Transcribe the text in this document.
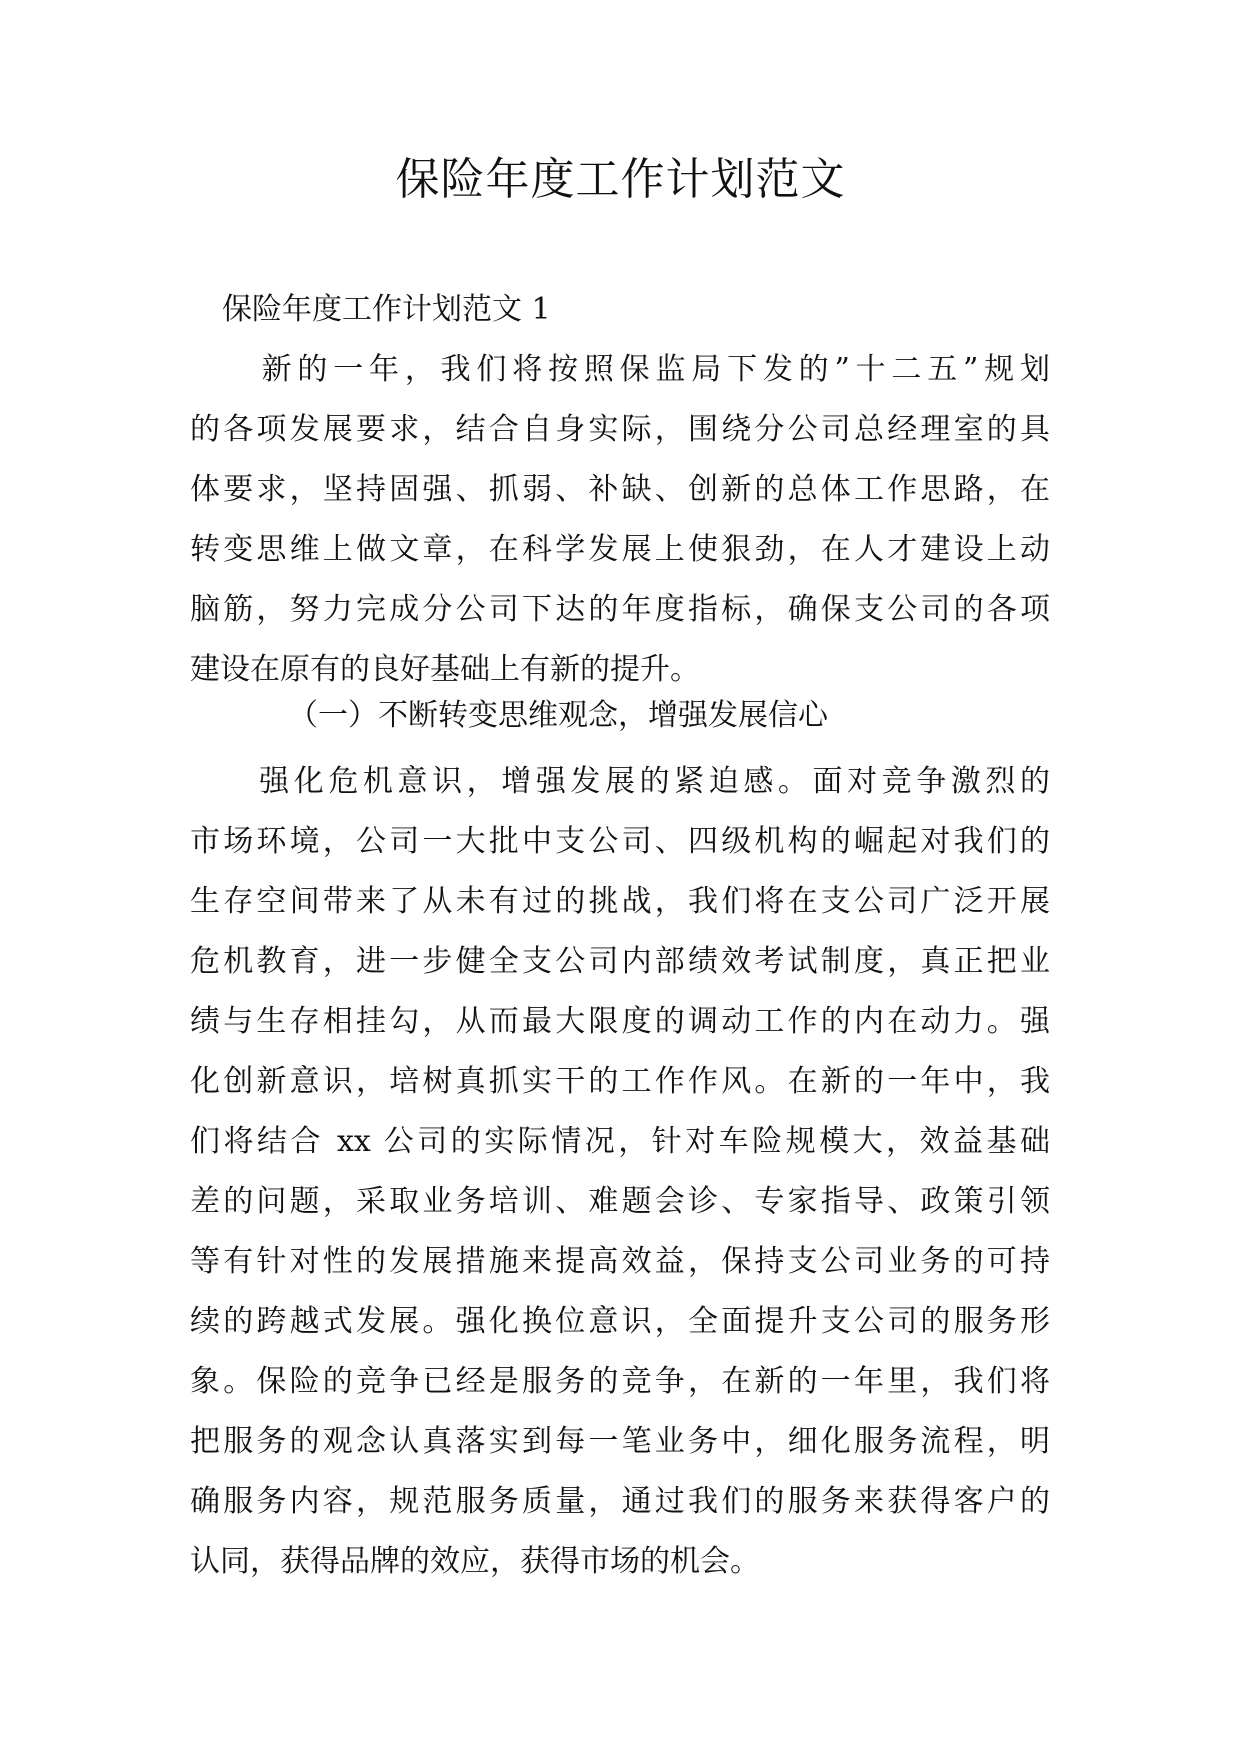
保险年度工作计划范文

保险年度工作计划范文 1

　　新的一年，我们将按照保监局下发的”十二五”规划
的各项发展要求，结合自身实际，围绕分公司总经理室的具
体要求，坚持固强、抓弱、补缺、创新的总体工作思路，在
转变思维上做文章，在科学发展上使狠劲，在人才建设上动
脑筋，努力完成分公司下达的年度指标，确保支公司的各项
建设在原有的良好基础上有新的提升。
（一）不断转变思维观念，增强发展信心
　　强化危机意识，增强发展的紧迫感。面对竞争激烈的
市场环境，公司一大批中支公司、四级机构的崛起对我们的
生存空间带来了从未有过的挑战，我们将在支公司广泛开展
危机教育，进一步健全支公司内部绩效考试制度，真正把业
绩与生存相挂勾，从而最大限度的调动工作的内在动力。强
化创新意识，培树真抓实干的工作作风。在新的一年中，我
们将结合 xx 公司的实际情况，针对车险规模大，效益基础
差的问题，采取业务培训、难题会诊、专家指导、政策引领
等有针对性的发展措施来提高效益，保持支公司业务的可持
续的跨越式发展。强化换位意识，全面提升支公司的服务形
象。保险的竞争已经是服务的竞争，在新的一年里，我们将
把服务的观念认真落实到每一笔业务中，细化服务流程，明
确服务内容，规范服务质量，通过我们的服务来获得客户的
认同，获得品牌的效应，获得市场的机会。
